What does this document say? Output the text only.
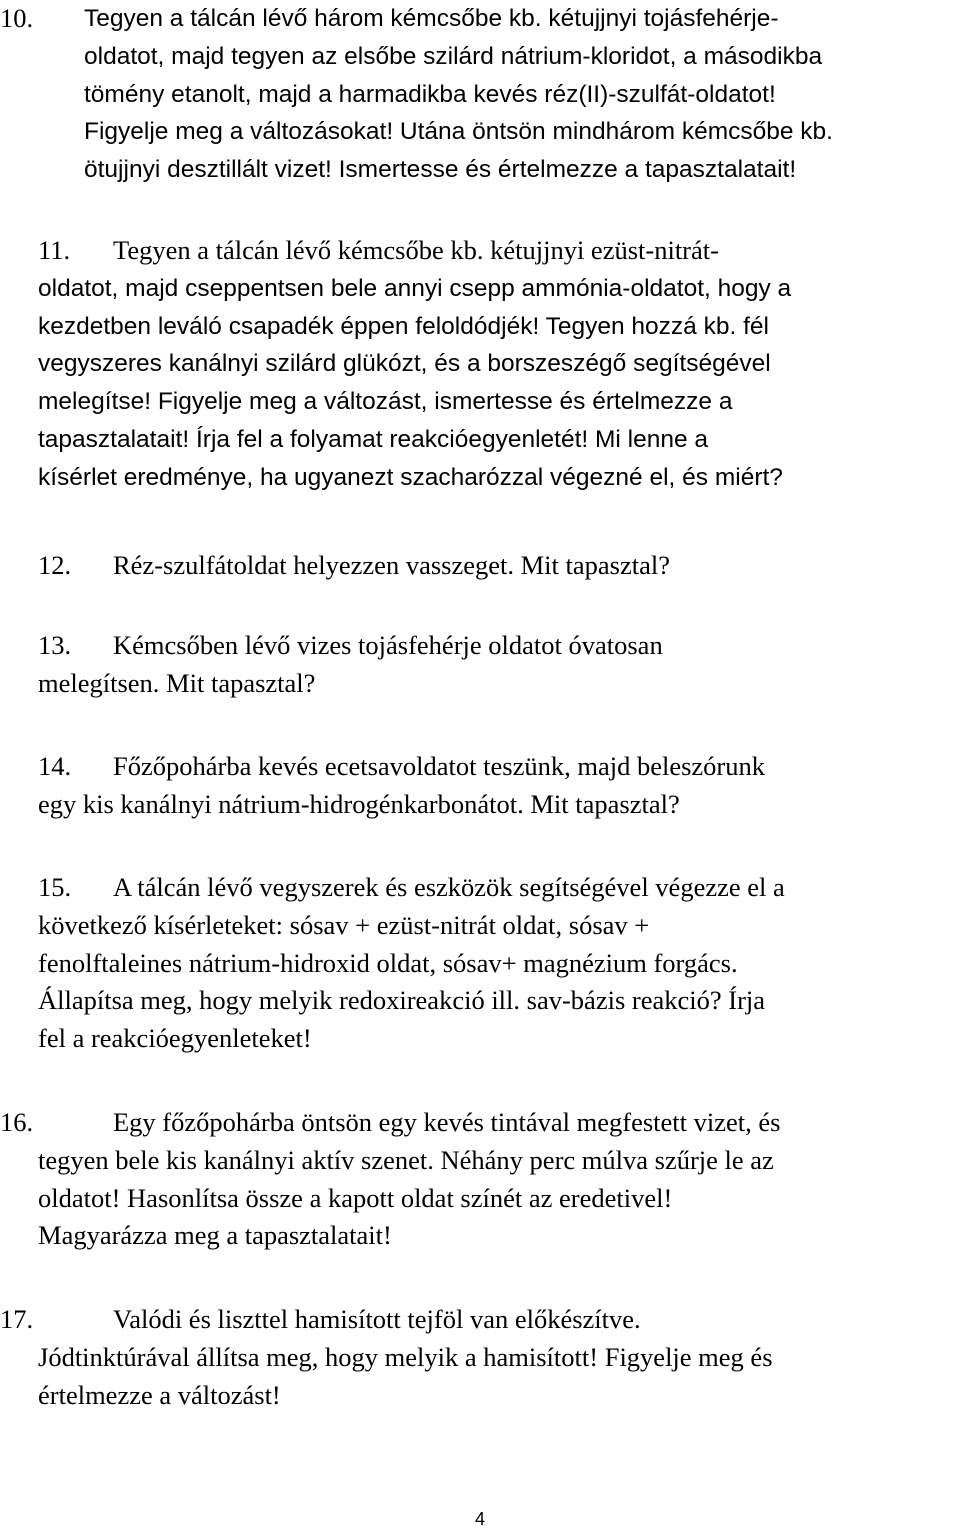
10. Tegyen a tálcán lévő három kémcsőbe kb. kétujjnyi tojásfehérje-
oldatot, majd tegyen az elsőbe szilárd nátrium-kloridot, a másodikba
tömény etanolt, majd a harmadikba kevés réz(II)-szulfát-oldatot!
Figyelje meg a változásokat! Utána öntsön mindhárom kémcsőbe kb.
ötujjnyi desztillált vizet! Ismertesse és értelmezze a tapasztalatait!
11. Tegyen a tálcán lévő kémcsőbe kb. kétujjnyi ezüst-nitrát-
oldatot, majd cseppentsen bele annyi csepp ammónia-oldatot, hogy a
kezdetben leváló csapadék éppen feloldódjék! Tegyen hozzá kb. fél
vegyszeres kanálnyi szilárd glükózt, és a borszeszégő segítségével
melegítse! Figyelje meg a változást, ismertesse és értelmezze a
tapasztalatait! Írja fel a folyamat reakcióegyenletét! Mi lenne a
kísérlet eredménye, ha ugyanezt szacharózzal végezné el, és miért?
12. Réz-szulfátoldat helyezzen vasszeget. Mit tapasztal?
13. Kémcsőben lévő vizes tojásfehérje oldatot óvatosan
melegítsen. Mit tapasztal?
14. Főzőpohárba kevés ecetsavoldatot teszünk, majd beleszórunk
egy kis kanálnyi nátrium-hidrogénkarbonátot. Mit tapasztal?
15. A tálcán lévő vegyszerek és eszközök segítségével végezze el a
következő kísérleteket: sósav + ezüst-nitrát oldat, sósav +
fenolftaleines nátrium-hidroxid oldat, sósav+ magnézium forgács.
Állapítsa meg, hogy melyik redoxireakció ill. sav-bázis reakció? Írja
fel a reakcióegyenleteket!
16.	Egy főzőpohárba öntsön egy kevés tintával megfestett vizet, és
tegyen bele kis kanálnyi aktív szenet. Néhány perc múlva szűrje le az
oldatot! Hasonlítsa össze a kapott oldat színét az eredetivel!
Magyarázza meg a tapasztalatait!
17.	Valódi és liszttel hamisított tejföl van előkészítve.
Jódtinktúrával állítsa meg, hogy melyik a hamisított! Figyelje meg és
értelmezze a változást!
4
